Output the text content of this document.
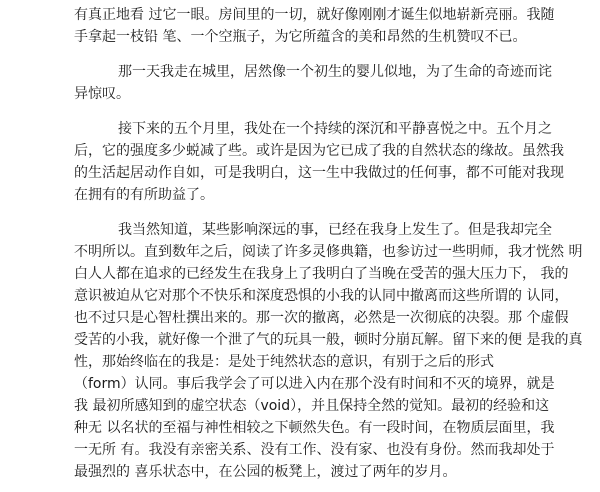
有真正地看 过它一眼。房间里的一切，就好像刚刚才诞生似地崭新亮丽。我随
手拿起一枝铅 笔、一个空瓶子，为它所蕴含的美和昂然的生机赞叹不已。

那一天我走在城里，居然像一个初生的婴儿似地，为了生命的奇迹而诧
异惊叹。

接下来的五个月里，我处在一个持续的深沉和平静喜悦之中。五个月之
后，它的强度多少蜕减了些。或许是因为它已成了我的自然状态的缘故。虽然我
的生活起居动作自如，可是我明白，这一生中我做过的任何事，都不可能对我现
在拥有的有所助益了。

我当然知道，某些影响深远的事，已经在我身上发生了。但是我却完全
不明所以。直到数年之后，阅读了许多灵修典籍，也参访过一些明师，我才恍然 明
白人人都在追求的已经发生在我身上了我明白了当晚在受苦的强大压力下， 我的
意识被迫从它对那个不快乐和深度恐惧的小我的认同中撤离而这些所谓的 认同，
也不过只是心智杜撰出来的。那一次的撤离，必然是一次彻底的决裂。那 个虚假
受苦的小我，就好像一个泄了气的玩具一般，顿时分崩瓦解。留下来的便 是我的真
性，那始终临在的我是：是处于纯然状态的意识，有别于之后的形式
（form）认同。事后我学会了可以进入内在那个没有时间和不灭的境界，就是
我 最初所感知到的虚空状态（void），并且保持全然的觉知。最初的经验和这
种无 以名状的至福与神性相较之下顿然失色。有一段时间，在物质层面里，我
一无所 有。我没有亲密关系、没有工作、没有家、也没有身份。然而我却处于
最强烈的 喜乐状态中，在公园的板凳上，渡过了两年的岁月。
